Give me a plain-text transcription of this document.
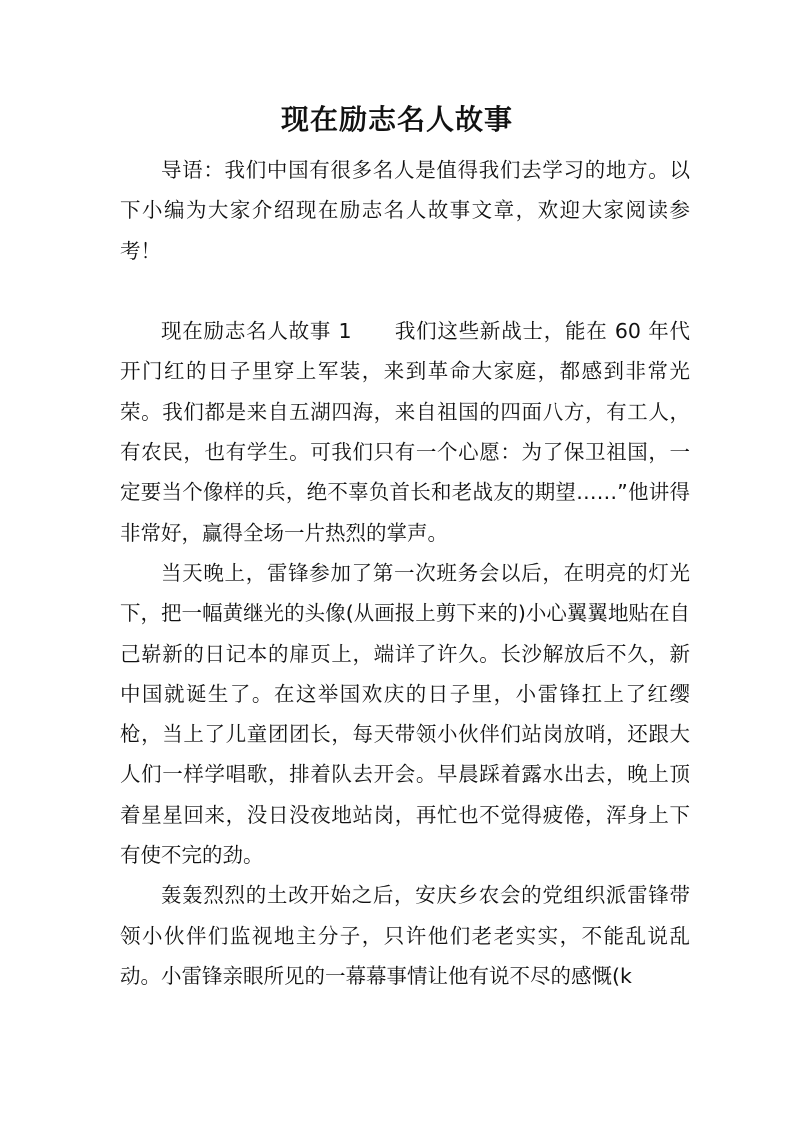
现在励志名人故事

导语：我们中国有很多名人是值得我们去学习的地方。以下小编为大家介绍现在励志名人故事文章，欢迎大家阅读参考！

现在励志名人故事 1　　我们这些新战士，能在 60 年代开门红的日子里穿上军装，来到革命大家庭，都感到非常光荣。我们都是来自五湖四海，来自祖国的四面八方，有工人，有农民，也有学生。可我们只有一个心愿：为了保卫祖国，一定要当个像样的兵，绝不辜负首长和老战友的期望……”他讲得非常好，赢得全场一片热烈的掌声。

当天晚上，雷锋参加了第一次班务会以后，在明亮的灯光下，把一幅黄继光的头像(从画报上剪下来的)小心翼翼地贴在自己崭新的日记本的扉页上，端详了许久。长沙解放后不久，新中国就诞生了。在这举国欢庆的日子里，小雷锋扛上了红缨枪，当上了儿童团团长，每天带领小伙伴们站岗放哨，还跟大人们一样学唱歌，排着队去开会。早晨踩着露水出去，晚上顶着星星回来，没日没夜地站岗，再忙也不觉得疲倦，浑身上下有使不完的劲。

轰轰烈烈的土改开始之后，安庆乡农会的党组织派雷锋带领小伙伴们监视地主分子，只许他们老老实实，不能乱说乱动。小雷锋亲眼所见的一幕幕事情让他有说不尽的感慨(k
